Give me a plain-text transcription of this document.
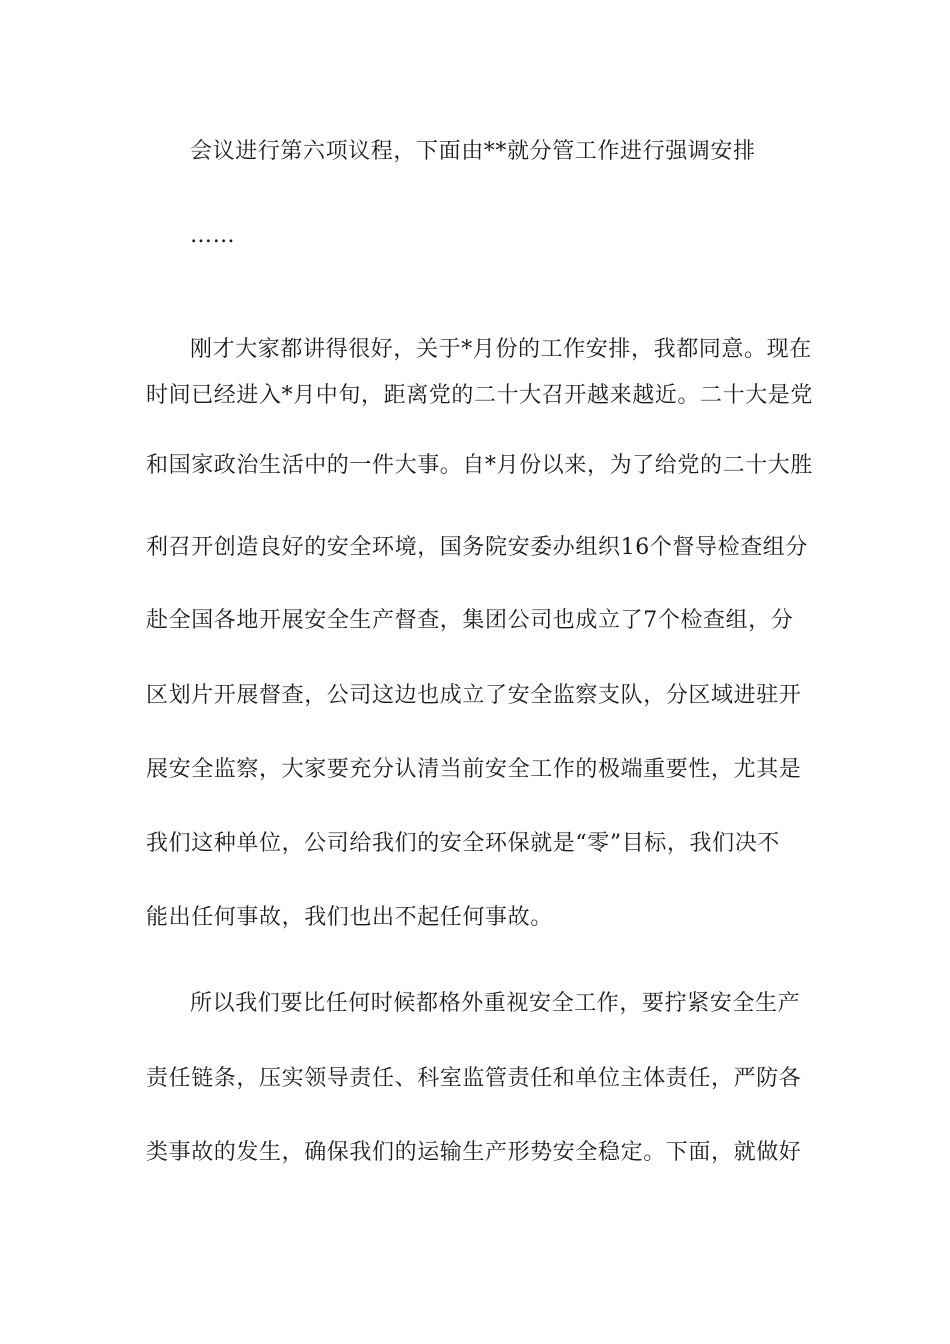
会议进行第六项议程，下面由**就分管工作进行强调安排
……
刚才大家都讲得很好，关于*月份的工作安排，我都同意。现在
时间已经进入*月中旬，距离党的二十大召开越来越近。二十大是党
和国家政治生活中的一件大事。自*月份以来，为了给党的二十大胜
利召开创造良好的安全环境，国务院安委办组织16个督导检查组分
赴全国各地开展安全生产督查，集团公司也成立了7个检查组，分
区划片开展督查，公司这边也成立了安全监察支队，分区域进驻开
展安全监察，大家要充分认清当前安全工作的极端重要性，尤其是
我们这种单位，公司给我们的安全环保就是“零”目标，我们决不
能出任何事故，我们也出不起任何事故。
所以我们要比任何时候都格外重视安全工作，要拧紧安全生产
责任链条，压实领导责任、科室监管责任和单位主体责任，严防各
类事故的发生，确保我们的运输生产形势安全稳定。下面，就做好
